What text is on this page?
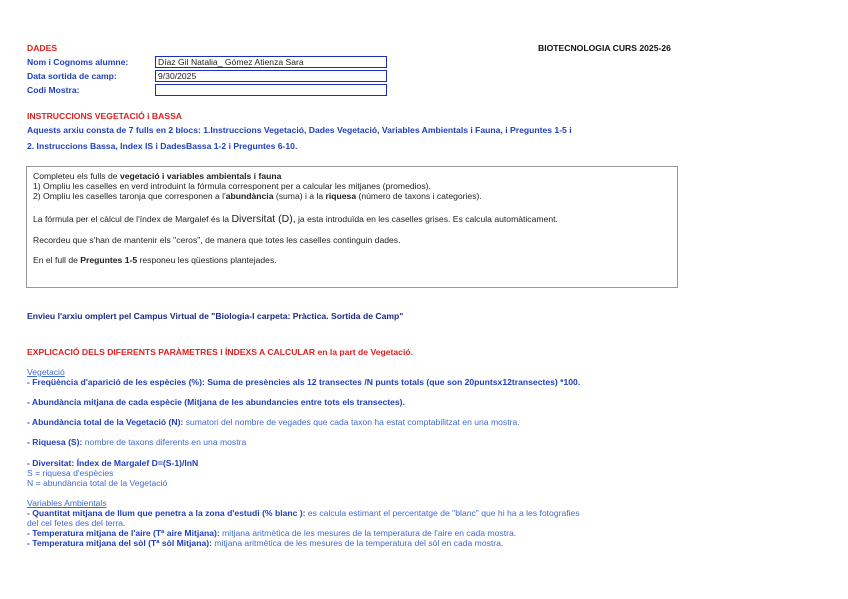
DADES	BIOTECNOLOGIA CURS 2025-26
Nom i Cognoms alumne:	Díaz Gil Natalia_ Gómez Atienza Sara
Data sortida de camp:	9/30/2025
Codi Mostra:
INSTRUCCIONS VEGETACIÓ i BASSA
Aquests arxiu consta de 7 fulls en 2 blocs: 1.Instruccions Vegetació, Dades Vegetació, Variables Ambientals i Fauna, i Preguntes 1-5 i
2. Instruccions Bassa, Index IS i DadesBassa 1-2 i Preguntes 6-10.
Completeu els fulls de vegetació i variables ambientals i fauna
1) Ompliu les caselles en verd introduint la fórmula corresponent per a calcular les mitjanes (promedios).
2) Ompliu les caselles taronja que corresponen a l'abundància (suma) i a la riquesa (número de taxons i categories).
La fórmula per el càlcul de l'índex de Margalef és la Diversitat (D), ja esta introduïda en les caselles grises. Es calcula automàticament.
Recordeu que s'han de mantenir els "ceros", de manera que totes les caselles continguin dades.
En el full de Preguntes 1-5 responeu les qüestions plantejades.
Envieu l'arxiu omplert pel Campus Virtual de "Biologia-I carpeta: Pràctica. Sortida de Camp"
EXPLICACIÓ DELS DIFERENTS PARÀMETRES I ÍNDEXS A CALCULAR en la part de Vegetació.
Vegetació
- Freqüència d'aparició de les espècies (%): Suma de presències als 12 transectes /N punts totals (que son 20puntsx12transectes) *100.
- Abundància mitjana de cada espècie (Mitjana de les abundancies entre tots els transectes).
- Abundància total de la Vegetació (N): sumatori del nombre de vegades que cada taxon ha estat comptabilitzat en una mostra.
- Riquesa (S): nombre de taxons diferents en una mostra
- Diversitat: Índex de Margalef D=(S-1)/lnN
S = riquesa d'espècies
N = abundància total de la Vegetació
Variables Ambientals
- Quantitat mitjana de llum que penetra a la zona d'estudi (% blanc ): es calcula estimant el percentatge de "blanc" que hi ha a les fotografies
del cel fetes des del terra.
- Temperatura mitjana de l'aire (Tª aire Mitjana): mitjana aritmètica de les mesures de la temperatura de l'aire en cada mostra.
- Temperatura mitjana del sòl (Tª sòl Mitjana): mitjana aritmètica de les mesures de la temperatura del sòl en cada mostra.
